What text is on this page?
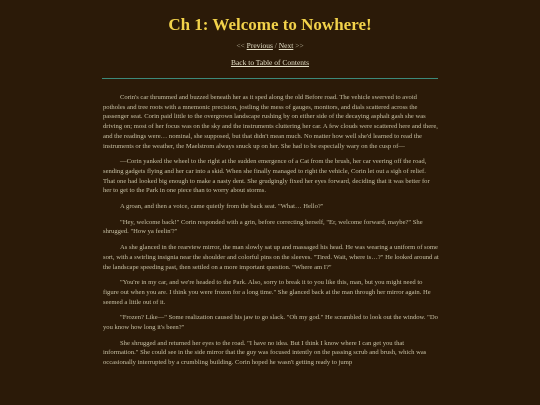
Ch 1: Welcome to Nowhere!
<< Previous / Next >>
Back to Table of Contents

Corin's car thrummed and buzzed beneath her as it sped along the old Before road. The vehicle swerved to avoid potholes and tree roots with a mnemonic precision, jostling the mess of gauges, monitors, and dials scattered across the passenger seat. Corin paid little to the overgrown landscape rushing by on either side of the decaying asphalt gash she was driving on; most of her focus was on the sky and the instruments cluttering her car. A few clouds were scattered here and there, and the readings were… nominal, she supposed, but that didn't mean much. No matter how well she'd learned to read the instruments or the weather, the Maelstrom always snuck up on her. She had to be especially wary on the cusp of—

—Corin yanked the wheel to the right at the sudden emergence of a Cat from the brush, her car veering off the road, sending gadgets flying and her car into a skid. When she finally managed to right the vehicle, Corin let out a sigh of relief. That one had looked big enough to make a nasty dent. She grudgingly fixed her eyes forward, deciding that it was better for her to get to the Park in one piece than to worry about storms.

A groan, and then a voice, came quietly from the back seat. "What… Hello?"

"Hey, welcome back!" Corin responded with a grin, before correcting herself, "Er, welcome forward, maybe?" She shrugged. "How ya feelin'?"

As she glanced in the rearview mirror, the man slowly sat up and massaged his head. He was wearing a uniform of some sort, with a swirling insignia near the shoulder and colorful pins on the sleeves. "Tired. Wait, where is…?" He looked around at the landscape speeding past, then settled on a more important question. "Where am I?"

"You're in my car, and we're headed to the Park. Also, sorry to break it to you like this, man, but you might need to figure out when you are. I think you were frozen for a long time." She glanced back at the man through her mirror again. He seemed a little out of it.

"Frozen? Like—" Some realization caused his jaw to go slack. "Oh my god." He scrambled to look out the window. "Do you know how long it's been?"

She shrugged and returned her eyes to the road. "I have no idea. But I think I know where I can get you that information." She could see in the side mirror that the guy was focused intently on the passing scrub and brush, which was occasionally interrupted by a crumbling building. Corin hoped he wasn't getting ready to jump
